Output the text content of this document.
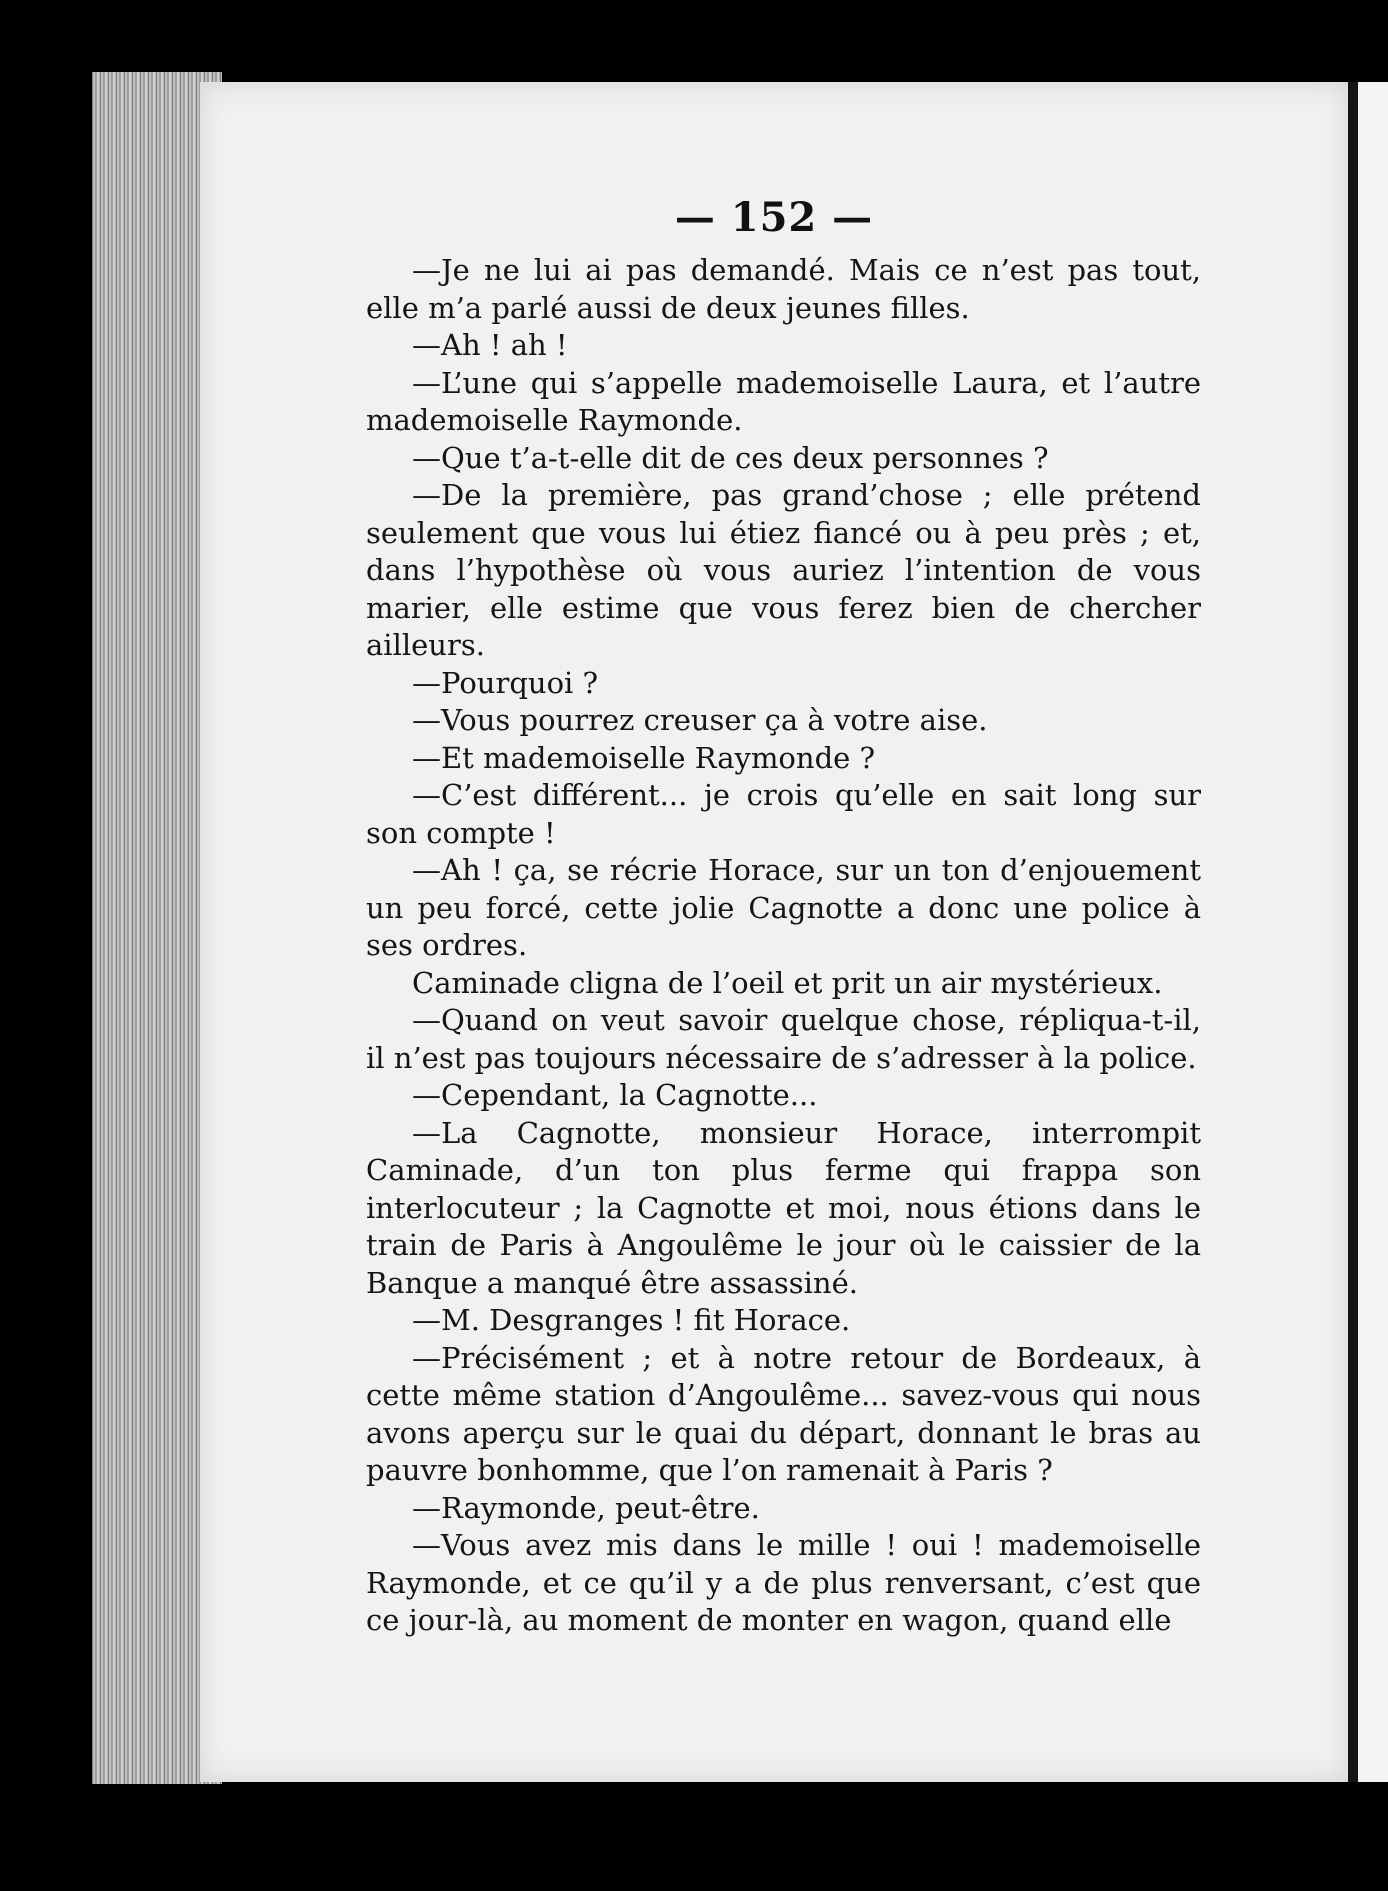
— 152 —

—Je ne lui ai pas demandé. Mais ce n’est pas tout, elle m’a parlé aussi de deux jeunes filles.

—Ah ! ah !

—L’une qui s’appelle mademoiselle Laura, et l’autre mademoiselle Raymonde.

—Que t’a-t-elle dit de ces deux personnes ?

—De la première, pas grand’chose ; elle prétend seulement que vous lui étiez fiancé ou à peu près ; et, dans l’hypothèse où vous auriez l’intention de vous marier, elle estime que vous ferez bien de chercher ailleurs.

—Pourquoi ?

—Vous pourrez creuser ça à votre aise.

—Et mademoiselle Raymonde ?

—C’est différent... je crois qu’elle en sait long sur son compte !

—Ah ! ça, se récrie Horace, sur un ton d’enjouement un peu forcé, cette jolie Cagnotte a donc une police à ses ordres.

Caminade cligna de l’oeil et prit un air mystérieux.

—Quand on veut savoir quelque chose, répliqua-t-il, il n’est pas toujours nécessaire de s’adresser à la police.

—Cependant, la Cagnotte...

—La Cagnotte, monsieur Horace, interrompit Caminade, d’un ton plus ferme qui frappa son interlocuteur ; la Cagnotte et moi, nous étions dans le train de Paris à Angoulême le jour où le caissier de la Banque a manqué être assassiné.

—M. Desgranges ! fit Horace.

—Précisément ; et à notre retour de Bordeaux, à cette même station d’Angoulême... savez-vous qui nous avons aperçu sur le quai du départ, donnant le bras au pauvre bonhomme, que l’on ramenait à Paris ?

—Raymonde, peut-être.

—Vous avez mis dans le mille ! oui ! mademoiselle Raymonde, et ce qu’il y a de plus renversant, c’est que ce jour-là, au moment de monter en wagon, quand elle
